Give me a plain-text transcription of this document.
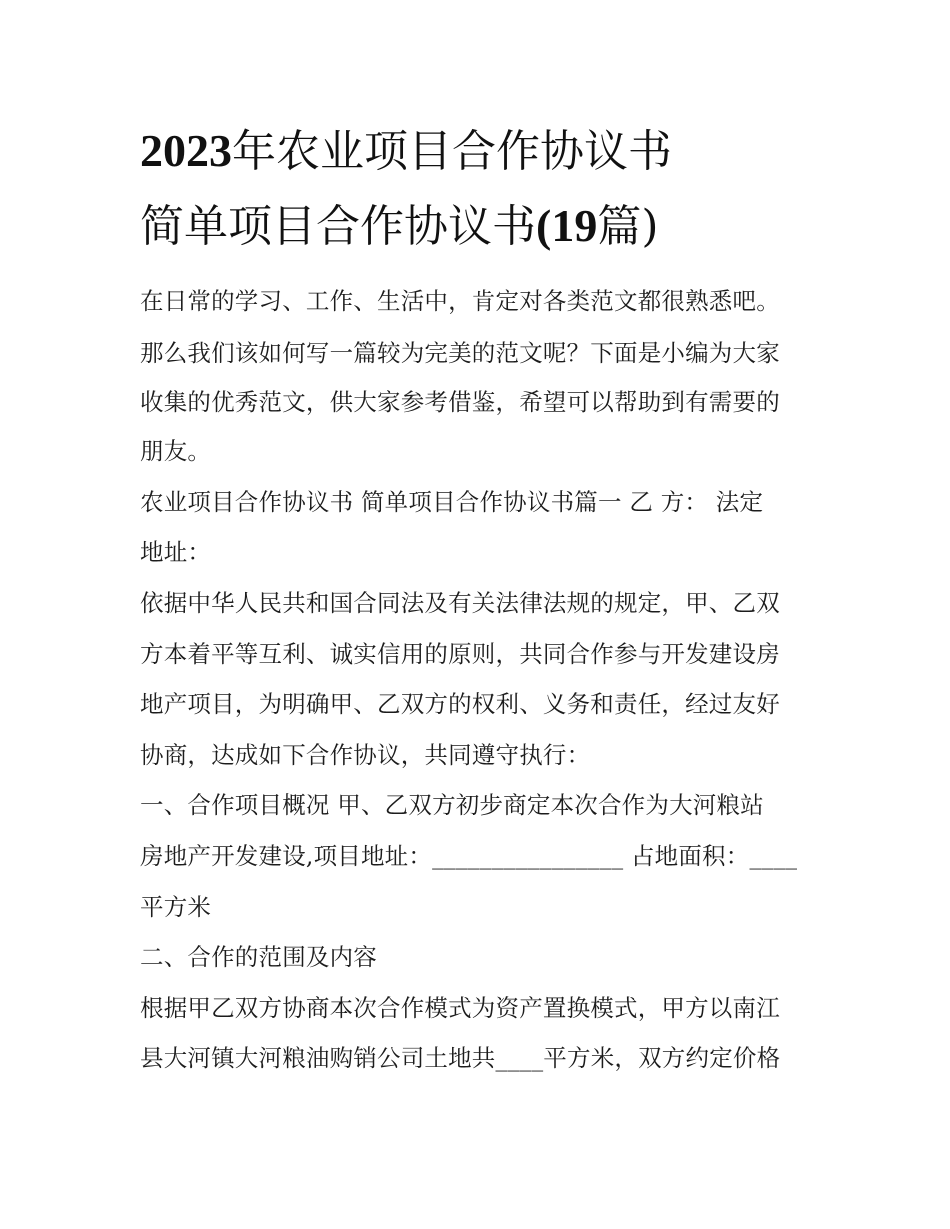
2023年农业项目合作协议书
简单项目合作协议书(19篇)
在日常的学习、工作、生活中，肯定对各类范文都很熟悉吧。
那么我们该如何写一篇较为完美的范文呢？下面是小编为大家
收集的优秀范文，供大家参考借鉴，希望可以帮助到有需要的
朋友。
农业项目合作协议书 简单项目合作协议书篇一 乙 方： 法定
地址：
依据中华人民共和国合同法及有关法律法规的规定，甲、乙双
方本着平等互利、诚实信用的原则，共同合作参与开发建设房
地产项目，为明确甲、乙双方的权利、义务和责任，经过友好
协商，达成如下合作协议，共同遵守执行：
一、合作项目概况 甲、乙双方初步商定本次合作为大河粮站
房地产开发建设,项目地址：________________ 占地面积：____
平方米
二、合作的范围及内容
根据甲乙双方协商本次合作模式为资产置换模式，甲方以南江
县大河镇大河粮油购销公司土地共____平方米，双方约定价格
